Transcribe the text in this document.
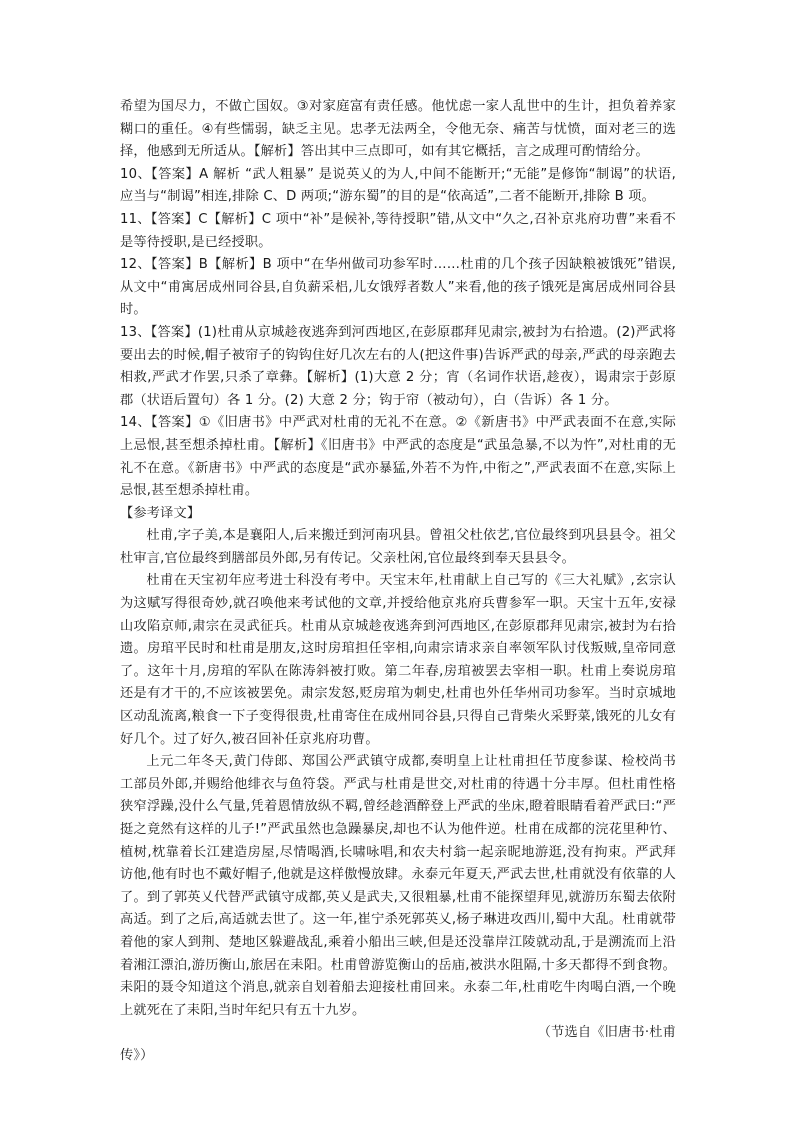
希望为国尽力，不做亡国奴。③对家庭富有责任感。他忧虑一家人乱世中的生计，担负着养家糊口的重任。④有些懦弱，缺乏主见。忠孝无法两全，令他无奈、痛苦与忧愤，面对老三的选择，他感到无所适从。【解析】答出其中三点即可，如有其它概括，言之成理可酌情给分。

10、【答案】A 解析 “武人粗暴” 是说英乂的为人,中间不能断开;“无能”是修饰“制谒”的状语,应当与“制谒”相连,排除 C、D 两项;“游东蜀”的目的是“依高适”,二者不能断开,排除 B 项。

11、【答案】C【解析】C 项中“补”是候补,等待授职”错,从文中“久之,召补京兆府功曹”来看不是等待授职,是已经授职。

12、【答案】B【解析】B 项中“在华州做司功参军时……杜甫的几个孩子因缺粮被饿死”错误,从文中“甫寓居成州同谷县,自负薪采梠,儿女饿殍者数人”来看,他的孩子饿死是寓居成州同谷县时。

13、【答案】(1)杜甫从京城趁夜逃奔到河西地区,在彭原郡拜见肃宗,被封为右拾遗。(2)严武将要出去的时候,帽子被帘子的钩钩住好几次左右的人(把这件事)告诉严武的母亲,严武的母亲跑去相救,严武才作罢,只杀了章彝。【解析】(1)大意 2 分；宵（名词作状语,趁夜），谒肃宗于彭原郡（状语后置句）各 1 分。(2) 大意 2 分；钩于帘（被动句），白（告诉）各 1 分。

14、【答案】①《旧唐书》中严武对杜甫的无礼不在意。②《新唐书》中严武表面不在意,实际上忌恨,甚至想杀掉杜甫。【解析】《旧唐书》中严武的态度是“武虽急暴,不以为忤”,对杜甫的无礼不在意。《新唐书》中严武的态度是“武亦暴猛,外若不为忤,中衔之”,严武表面不在意,实际上忌恨,甚至想杀掉杜甫。

【参考译文】

杜甫,字子美,本是襄阳人,后来搬迁到河南巩县。曾祖父杜依艺,官位最终到巩县县令。祖父杜审言,官位最终到膳部员外郎,另有传记。父亲杜闲,官位最终到奉天县县令。

杜甫在天宝初年应考进士科没有考中。天宝末年,杜甫献上自己写的《三大礼赋》,玄宗认为这赋写得很奇妙,就召唤他来考试他的文章,并授给他京兆府兵曹参军一职。天宝十五年,安禄山攻陷京师,肃宗在灵武征兵。杜甫从京城趁夜逃奔到河西地区,在彭原郡拜见肃宗,被封为右拾遗。房琯平民时和杜甫是朋友,这时房琯担任宰相,向肃宗请求亲自率领军队讨伐叛贼,皇帝同意了。这年十月,房琯的军队在陈涛斜被打败。第二年春,房琯被罢去宰相一职。杜甫上奏说房琯还是有才干的,不应该被罢免。肃宗发怒,贬房琯为刺史,杜甫也外任华州司功参军。当时京城地区动乱流离,粮食一下子变得很贵,杜甫寄住在成州同谷县,只得自己背柴火采野菜,饿死的儿女有好几个。过了好久,被召回补任京兆府功曹。

上元二年冬天,黄门侍郎、郑国公严武镇守成都,奏明皇上让杜甫担任节度参谋、检校尚书工部员外郎,并赐给他绯衣与鱼符袋。严武与杜甫是世交,对杜甫的待遇十分丰厚。但杜甫性格狭窄浮躁,没什么气量,凭着恩情放纵不羁,曾经趁酒醉登上严武的坐床,瞪着眼睛看着严武曰:“严挺之竟然有这样的儿子!”严武虽然也急躁暴戾,却也不认为他件逆。杜甫在成都的浣花里种竹、植树,枕靠着长江建造房屋,尽情喝酒,长啸咏唱,和农夫村翁一起亲昵地游逛,没有拘束。严武拜访他,他有时也不戴好帽子,他就是这样傲慢放肆。永泰元年夏天,严武去世,杜甫就没有依靠的人了。到了郭英乂代替严武镇守成都,英乂是武夫,又很粗暴,杜甫不能探望拜见,就游历东蜀去依附高适。到了之后,高适就去世了。这一年,崔宁杀死郭英乂,杨子琳进攻西川,蜀中大乱。杜甫就带着他的家人到荆、楚地区躲避战乱,乘着小船出三峡,但是还没靠岸江陵就动乱,于是溯流而上沿着湘江漂泊,游历衡山,旅居在耒阳。杜甫曾游览衡山的岳庙,被洪水阻隔,十多天都得不到食物。耒阳的聂令知道这个消息,就亲自划着船去迎接杜甫回来。永泰二年,杜甫吃牛肉喝白酒,一个晚上就死在了耒阳,当时年纪只有五十九岁。

（节选自《旧唐书·杜甫

传》）
